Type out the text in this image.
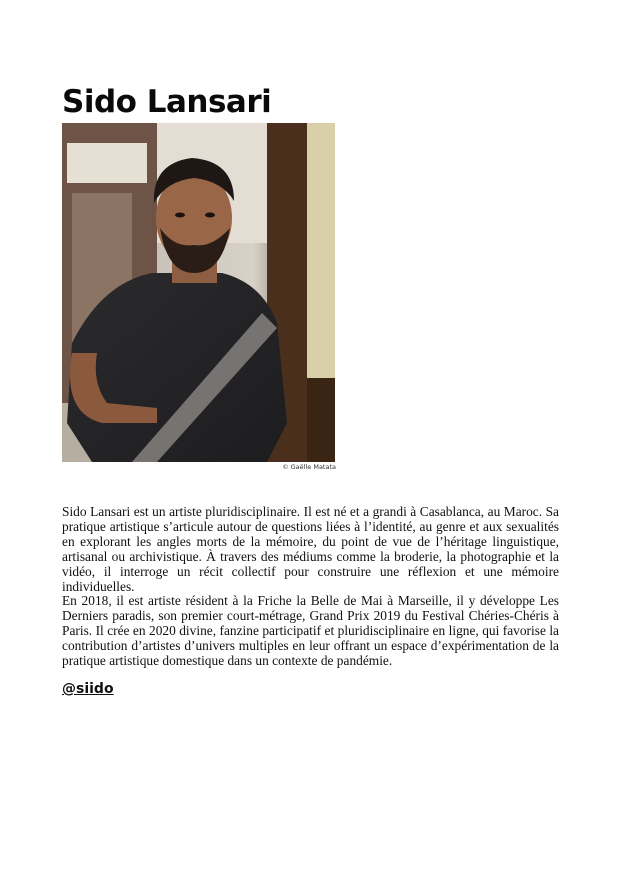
Sido Lansari
© Gaëlle Matata

Sido Lansari est un artiste pluridisciplinaire. Il est né et a grandi à Casablanca, au Maroc. Sa pratique artistique s’articule autour de questions liées à l’identité, au genre et aux sexualités en explorant les angles morts de la mémoire, du point de vue de l’héritage linguistique, artisanal ou archivistique. À travers des médiums comme la broderie, la photographie et la vidéo, il interroge un récit collectif pour construire une réflexion et une mémoire individuelles.

En 2018, il est artiste résident à la Friche la Belle de Mai à Marseille, il y développe Les Derniers paradis, son premier court-métrage, Grand Prix 2019 du Festival Chéries-Chéris à Paris. Il crée en 2020 divine, fanzine participatif et pluridisciplinaire en ligne, qui favorise la contribution d’artistes d’univers multiples en leur offrant un espace d’expérimentation de la pratique artistique domestique dans un contexte de pandémie.

@siido
